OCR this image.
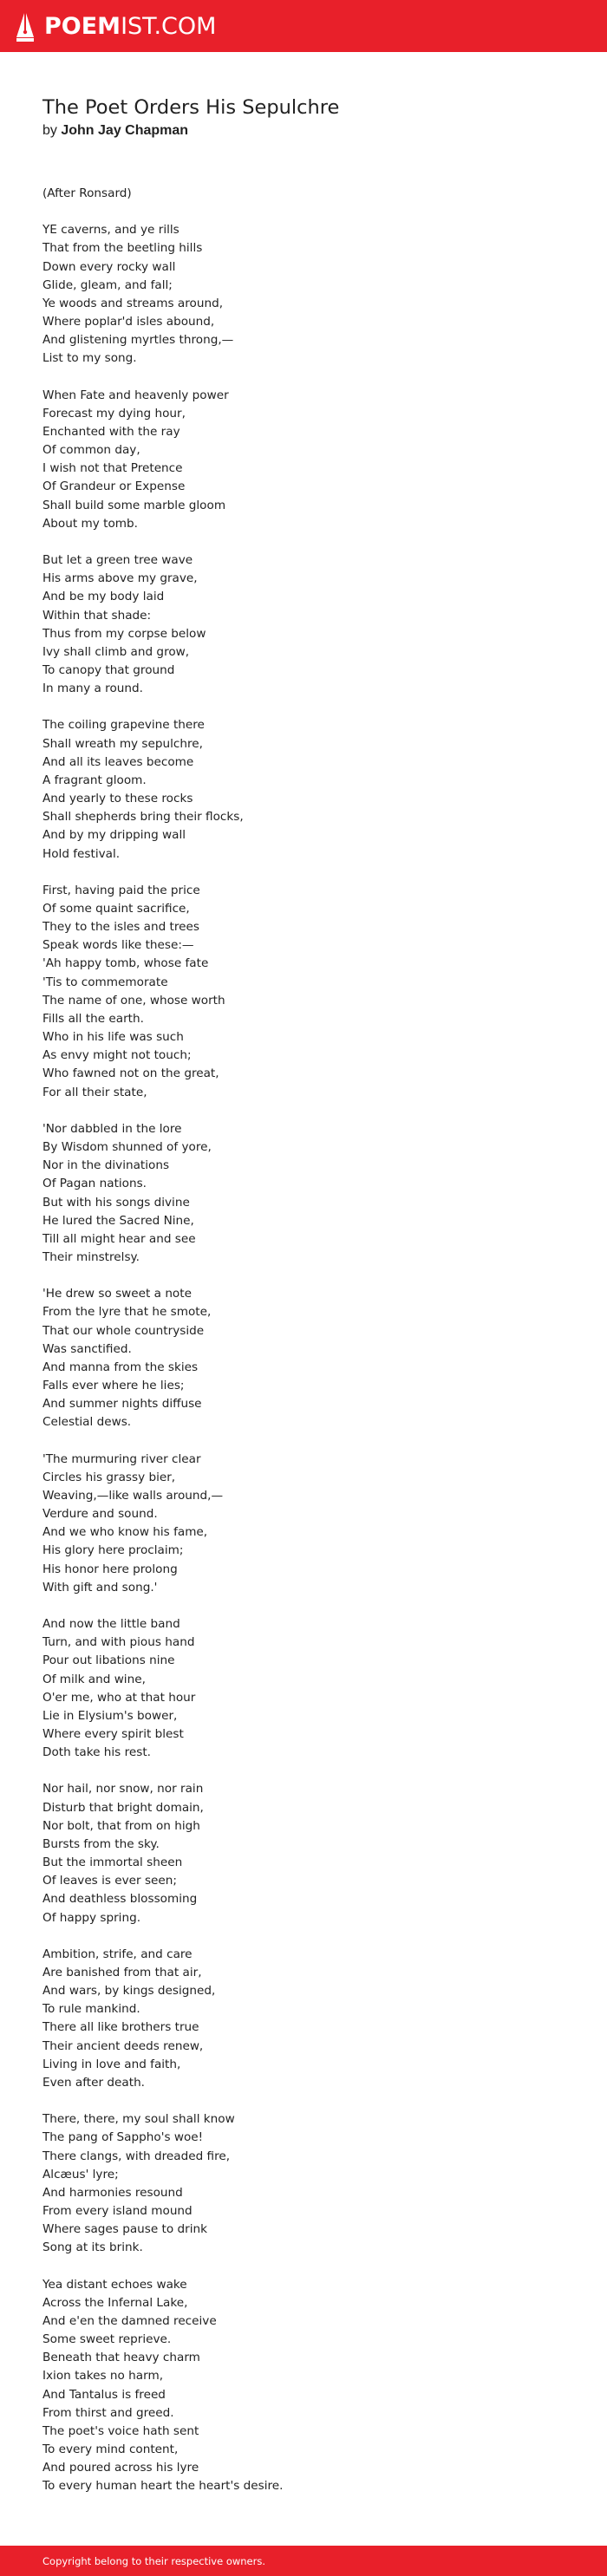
POEMIST.COM
The Poet Orders His Sepulchre

by John Jay Chapman

(After Ronsard)
YE caverns, and ye rills
That from the beetling hills
Down every rocky wall
Glide, gleam, and fall;
Ye woods and streams around,
Where poplar'd isles abound,
And glistening myrtles throng,—
List to my song.
When Fate and heavenly power
Forecast my dying hour,
Enchanted with the ray
Of common day,
I wish not that Pretence
Of Grandeur or Expense
Shall build some marble gloom
About my tomb.
But let a green tree wave
His arms above my grave,
And be my body laid
Within that shade:
Thus from my corpse below
Ivy shall climb and grow,
To canopy that ground
In many a round.
The coiling grapevine there
Shall wreath my sepulchre,
And all its leaves become
A fragrant gloom.
And yearly to these rocks
Shall shepherds bring their flocks,
And by my dripping wall
Hold festival.
First, having paid the price
Of some quaint sacrifice,
They to the isles and trees
Speak words like these:—
'Ah happy tomb, whose fate
'Tis to commemorate
The name of one, whose worth
Fills all the earth.
Who in his life was such
As envy might not touch;
Who fawned not on the great,
For all their state,
'Nor dabbled in the lore
By Wisdom shunned of yore,
Nor in the divinations
Of Pagan nations.
But with his songs divine
He lured the Sacred Nine,
Till all might hear and see
Their minstrelsy.
'He drew so sweet a note
From the lyre that he smote,
That our whole countryside
Was sanctified.
And manna from the skies
Falls ever where he lies;
And summer nights diffuse
Celestial dews.
'The murmuring river clear
Circles his grassy bier,
Weaving,—like walls around,—
Verdure and sound.
And we who know his fame,
His glory here proclaim;
His honor here prolong
With gift and song.'
And now the little band
Turn, and with pious hand
Pour out libations nine
Of milk and wine,
O'er me, who at that hour
Lie in Elysium's bower,
Where every spirit blest
Doth take his rest.
Nor hail, nor snow, nor rain
Disturb that bright domain,
Nor bolt, that from on high
Bursts from the sky.
But the immortal sheen
Of leaves is ever seen;
And deathless blossoming
Of happy spring.
Ambition, strife, and care
Are banished from that air,
And wars, by kings designed,
To rule mankind.
There all like brothers true
Their ancient deeds renew,
Living in love and faith,
Even after death.
There, there, my soul shall know
The pang of Sappho's woe!
There clangs, with dreaded fire,
Alcæus' lyre;
And harmonies resound
From every island mound
Where sages pause to drink
Song at its brink.
Yea distant echoes wake
Across the Infernal Lake,
And e'en the damned receive
Some sweet reprieve.
Beneath that heavy charm
Ixion takes no harm,
And Tantalus is freed
From thirst and greed.
The poet's voice hath sent
To every mind content,
And poured across his lyre
To every human heart the heart's desire.
Copyright belong to their respective owners.
